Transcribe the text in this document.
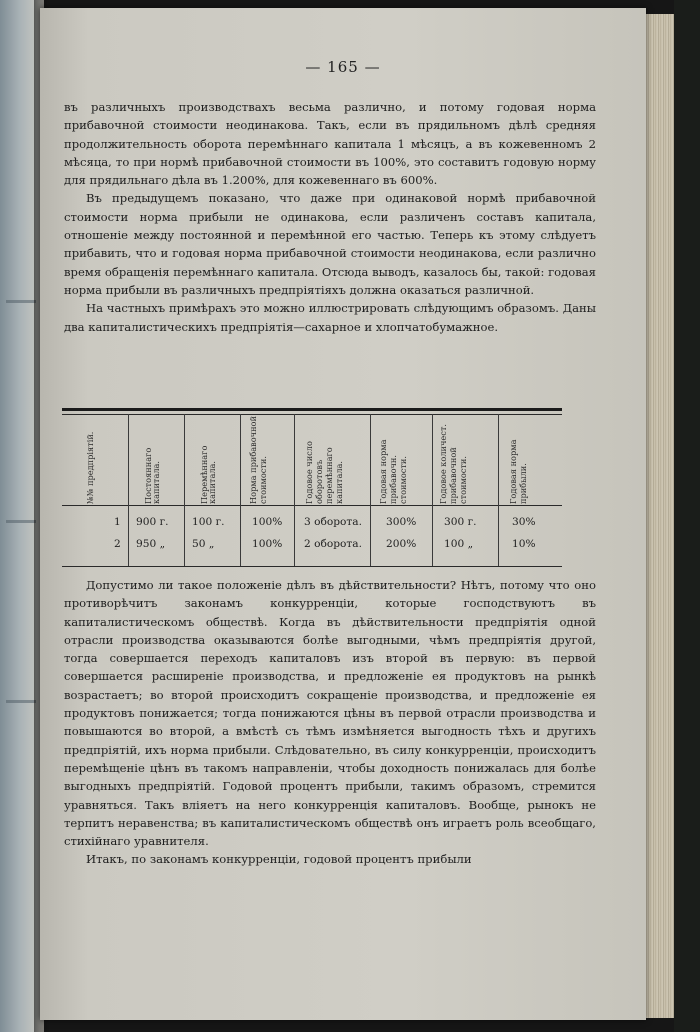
— 165 —

въ различныхъ производствахъ весьма различно, и потому годовая норма прибавочной стоимости неодинакова. Такъ, если въ прядильномъ дѣлѣ средняя продолжительность оборота перемѣннаго капитала 1 мѣсяцъ, а въ кожевенномъ 2 мѣсяца, то при нормѣ прибавочной стоимости въ 100%, это составитъ годовую норму для прядильнаго дѣла въ 1.200%, для кожевеннаго въ 600%.

Въ предыдущемъ показано, что даже при одинаковой нормѣ прибавочной стоимости норма прибыли не одинакова, если различенъ составъ капитала, отношеніе между постоянной и перемѣнной его частью. Теперь къ этому слѣдуетъ прибавить, что и годовая норма прибавочной стоимости неодинакова, если различно время обращенія перемѣннаго капитала. Отсюда выводъ, казалось бы, такой: годовая норма прибыли въ различныхъ предпріятіяхъ должна оказаться различной.

На частныхъ примѣрахъ это можно иллюстрировать слѣдующимъ образомъ. Даны два капиталистическихъ предпріятія—сахарное и хлопчатобумажное.

№№ предпріятій.	Постояннаго капитала.	Перемѣннаго капитала.	Норма прибавочной стоимости.	Годовое число оборотовъ перемѣннаго капитала.	Годовая норма прибавочн. стоимости.	Годовое количест. прибавочной стоимости.	Годовая норма прибыли.
1 900 г. 100 г.	100% 3 оборота. 300%	300 г.	30%
2 950 „	50 „	100% 2 оборота. 200%	100 „	10%

Допустимо ли такое положеніе дѣлъ въ дѣйствительности? Нѣтъ, потому что оно противорѣчитъ законамъ конкурренціи, которые господствуютъ въ капиталистическомъ обществѣ. Когда въ дѣйствительности предпріятія одной отрасли производства оказываются болѣе выгодными, чѣмъ предпріятія другой, тогда совершается переходъ капиталовъ изъ второй въ первую: въ первой совершается расширеніе производства, и предложеніе ея продуктовъ на рынкѣ возрастаетъ; во второй происходитъ сокращеніе производства, и предложеніе ея продуктовъ понижается; тогда понижаются цѣны въ первой отрасли производства и повышаются во второй, а вмѣстѣ съ тѣмъ измѣняется выгодность тѣхъ и другихъ предпріятій, ихъ норма прибыли. Слѣдовательно, въ силу конкурренціи, происходитъ перемѣщеніе цѣнъ въ такомъ направленіи, чтобы доходность понижалась для болѣе выгодныхъ предпріятій. Годовой процентъ прибыли, такимъ образомъ, стремится уравняться. Такъ вліяетъ на него конкурренція капиталовъ. Вообще, рынокъ не терпитъ неравенства; въ капиталистическомъ обществѣ онъ играетъ роль всеобщаго, стихійнаго уравнителя.

Итакъ, по законамъ конкурренціи, годовой процентъ прибыли
